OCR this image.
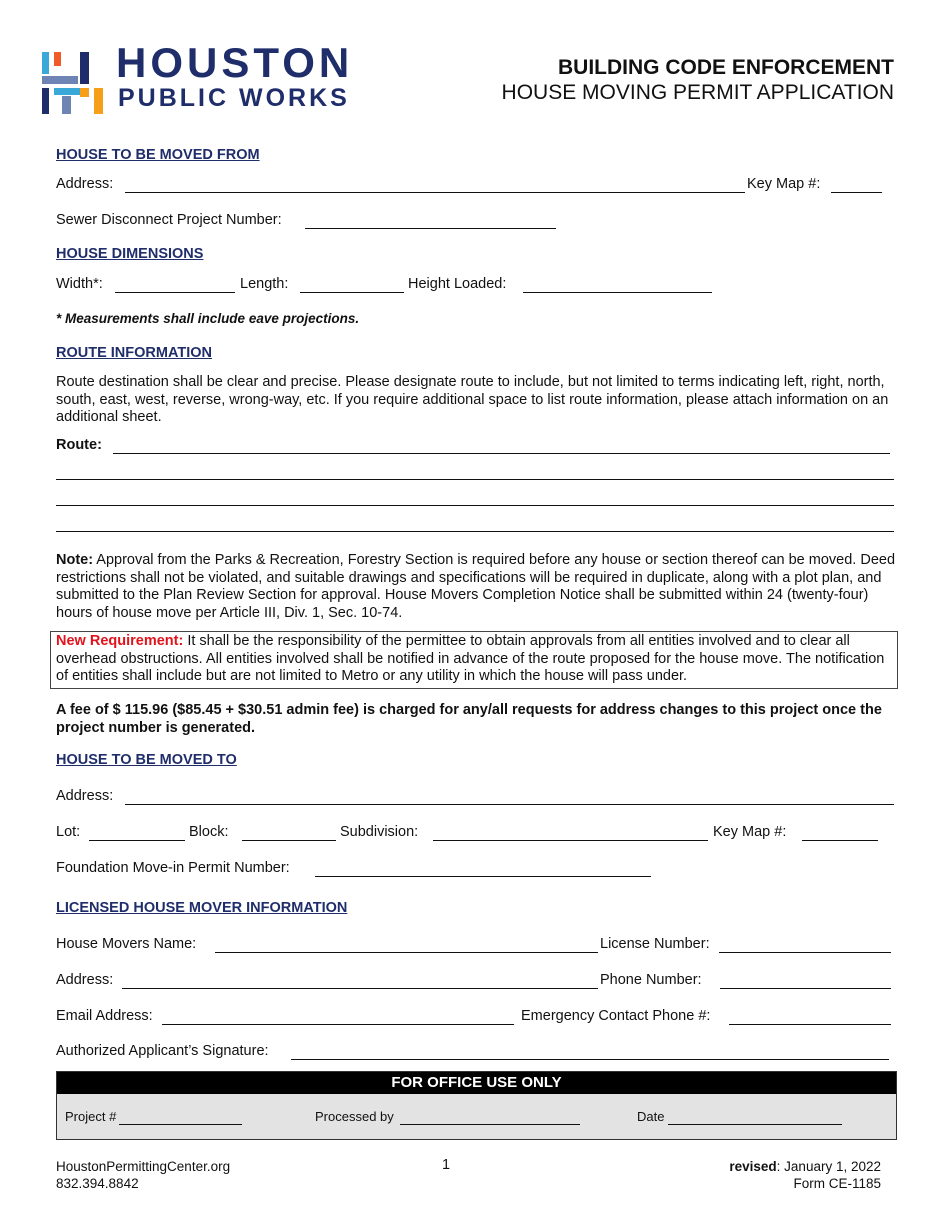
HOUSTON
PUBLIC WORKS
BUILDING CODE ENFORCEMENT
HOUSE MOVING PERMIT APPLICATION
HOUSE TO BE MOVED FROM
Address:	Key Map #:
Sewer Disconnect Project Number:
HOUSE DIMENSIONS
Width*:	Length:	Height Loaded:
* Measurements shall include eave projections.
ROUTE INFORMATION
Route destination shall be clear and precise. Please designate route to include, but not limited to terms indicating left, right, north, south, east, west, reverse, wrong-way, etc. If you require additional space to list route information, please attach information on an additional sheet.
Route:
Note: Approval from the Parks & Recreation, Forestry Section is required before any house or section thereof can be moved. Deed restrictions shall not be violated, and suitable drawings and specifications will be required in duplicate, along with a plot plan, and submitted to the Plan Review Section for approval. House Movers Completion Notice shall be submitted within 24 (twenty-four) hours of house move per Article III, Div. 1, Sec. 10-74.
New Requirement: It shall be the responsibility of the permittee to obtain approvals from all entities involved and to clear all overhead obstructions. All entities involved shall be notified in advance of the route proposed for the house move. The notification of entities shall include but are not limited to Metro or any utility in which the house will pass under.
A fee of $ 115.96 ($85.45 + $30.51 admin fee) is charged for any/all requests for address changes to this project once the project number is generated.
HOUSE TO BE MOVED TO
Address:
Lot:	Block:	Subdivision:	Key Map #:
Foundation Move-in Permit Number:
LICENSED HOUSE MOVER INFORMATION
House Movers Name:	License Number:
Address:	Phone Number:
Email Address:	Emergency Contact Phone #:
Authorized Applicant’s Signature:
FOR OFFICE USE ONLY
Project #	Processed by	Date
HoustonPermittingCenter.org
832.394.8842
1	revised: January 1, 2022
Form CE-1185
